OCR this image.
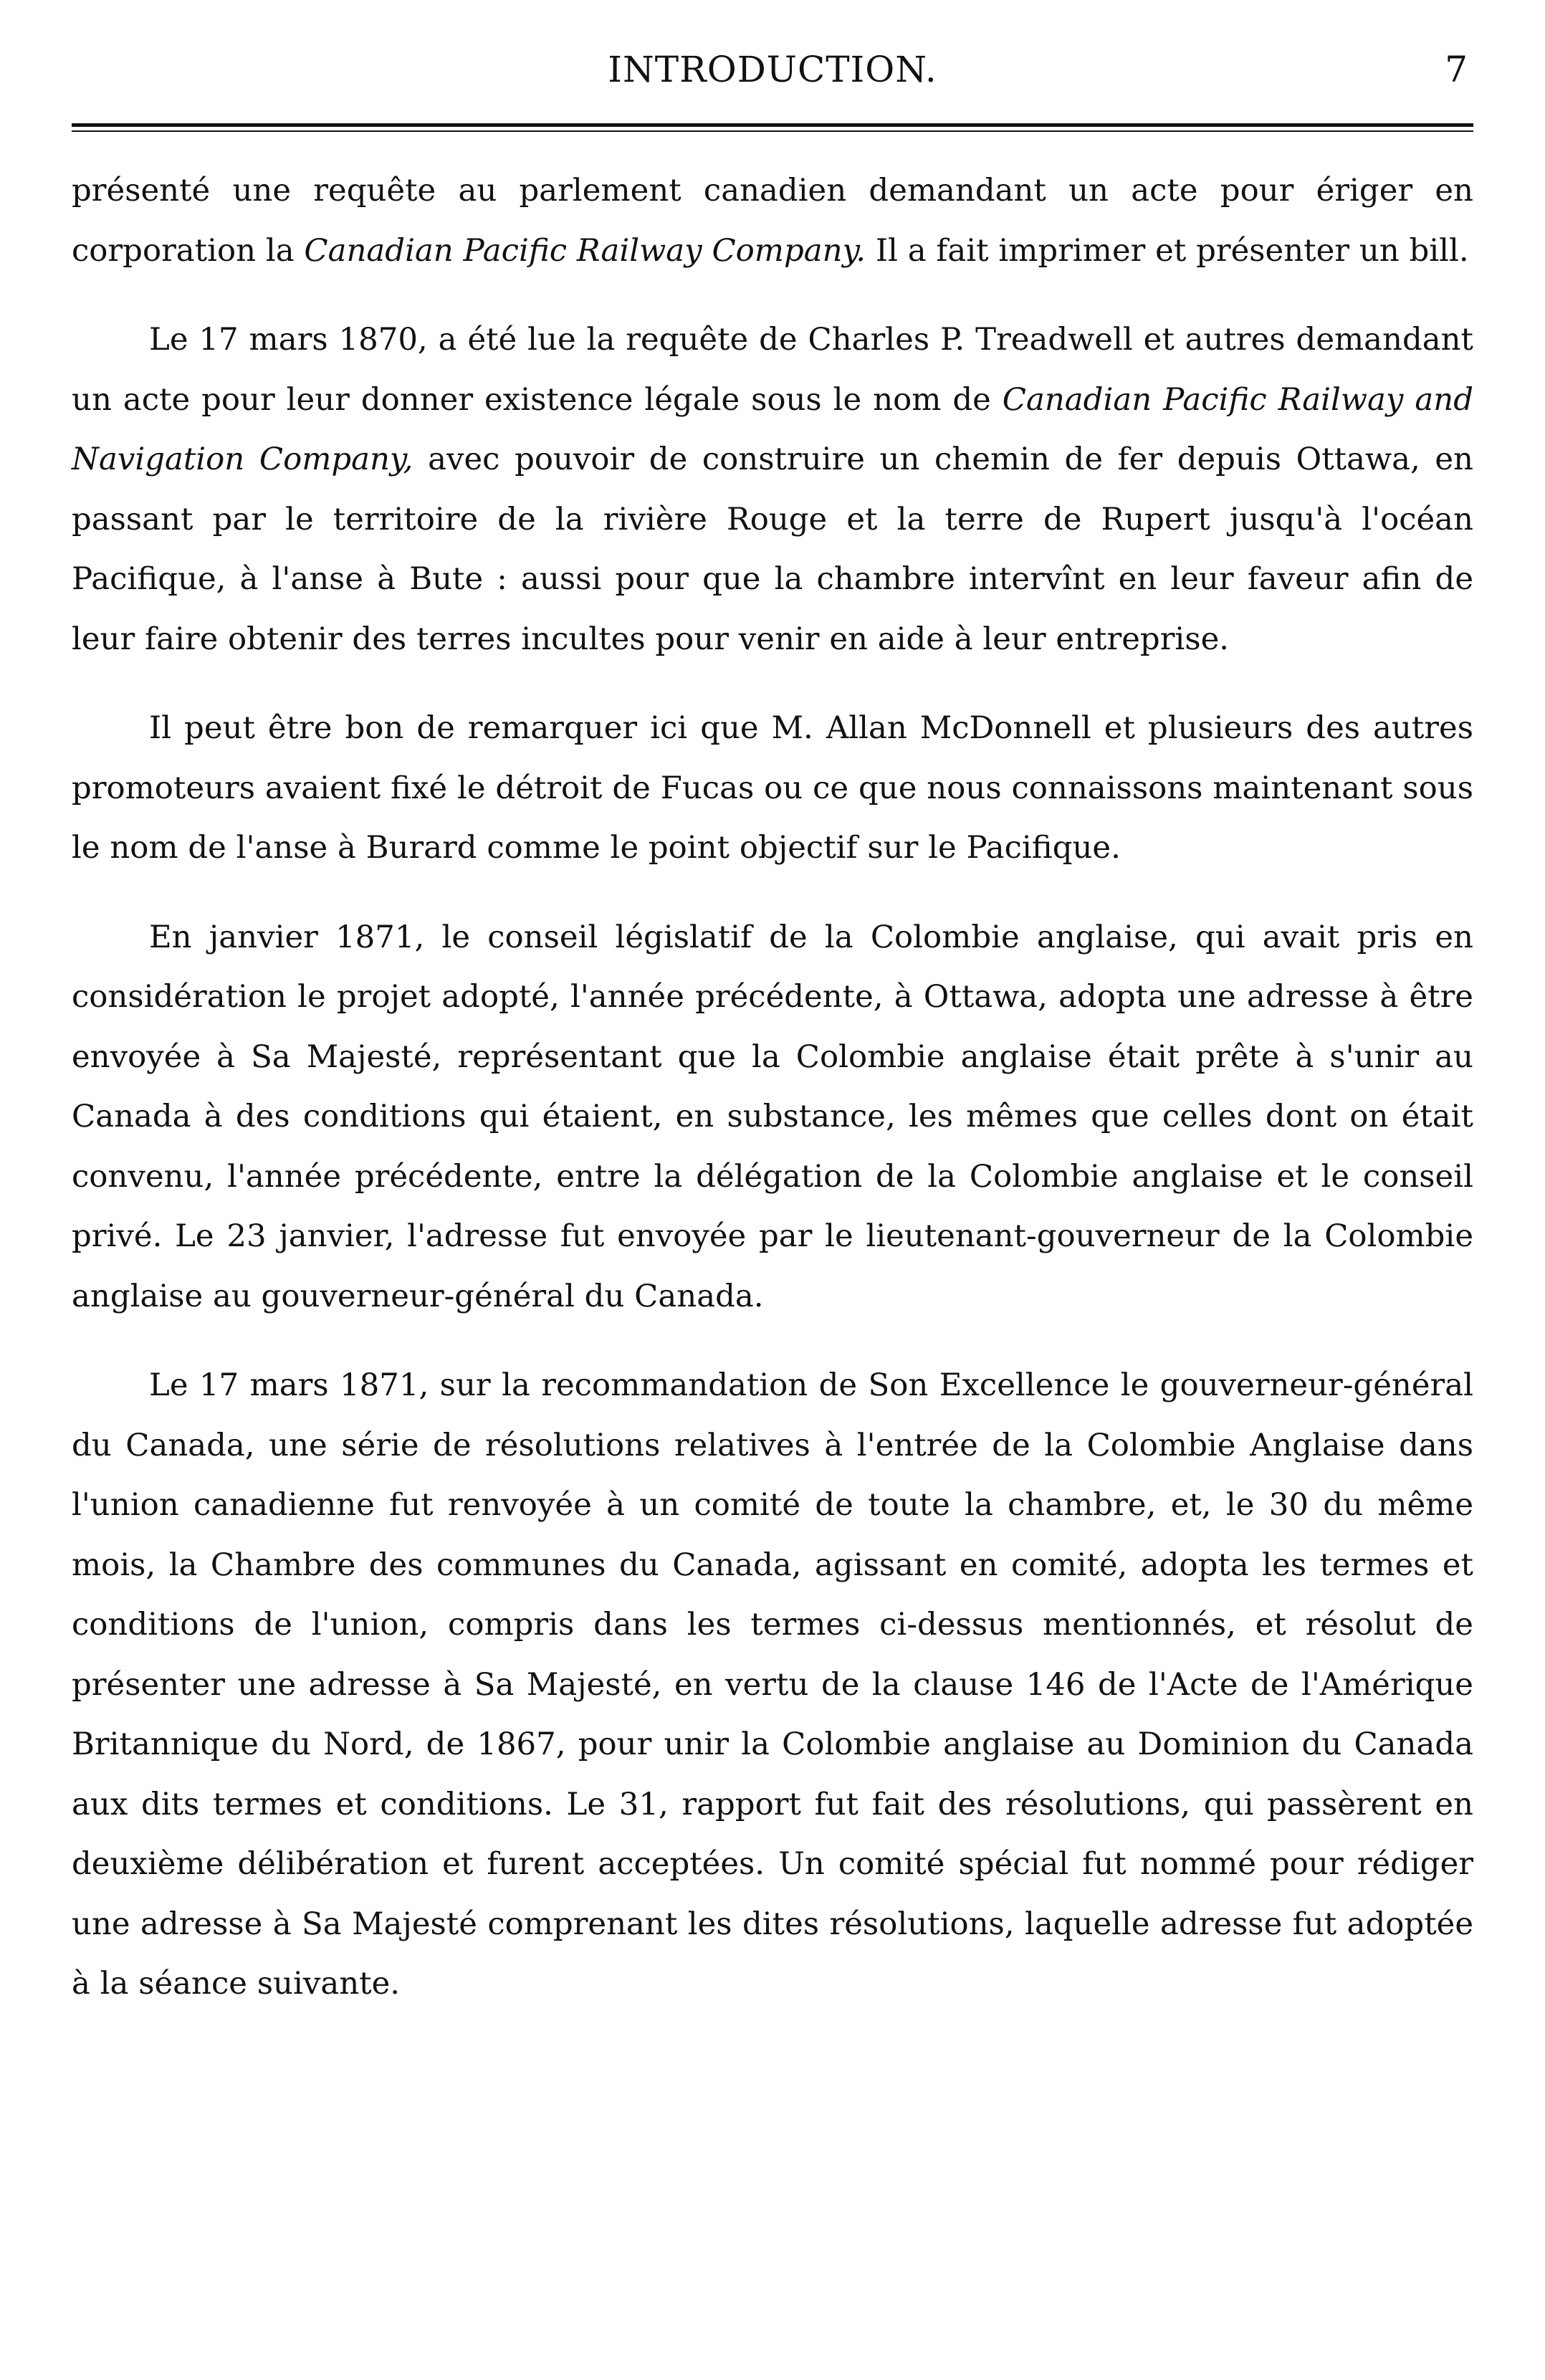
INTRODUCTION.	7

présenté une requête au parlement canadien demandant un acte pour ériger en corporation la Canadian Pacific Railway Company. Il a fait imprimer et présenter un bill.

Le 17 mars 1870, a été lue la requête de Charles P. Treadwell et autres demandant un acte pour leur donner existence légale sous le nom de Canadian Pacific Railway and Navigation Company, avec pouvoir de construire un chemin de fer depuis Ottawa, en passant par le territoire de la rivière Rouge et la terre de Rupert jusqu'à l'océan Pacifique, à l'anse à Bute : aussi pour que la chambre intervînt en leur faveur afin de leur faire obtenir des terres incultes pour venir en aide à leur entreprise.

Il peut être bon de remarquer ici que M. Allan McDonnell et plusieurs des autres promoteurs avaient fixé le détroit de Fucas ou ce que nous connaissons maintenant sous le nom de l'anse à Burard comme le point objectif sur le Pacifique.

En janvier 1871, le conseil législatif de la Colombie anglaise, qui avait pris en considération le projet adopté, l'année précédente, à Ottawa, adopta une adresse à être envoyée à Sa Majesté, représentant que la Colombie anglaise était prête à s'unir au Canada à des conditions qui étaient, en substance, les mêmes que celles dont on était convenu, l'année précédente, entre la délégation de la Colombie anglaise et le conseil privé. Le 23 janvier, l'adresse fut envoyée par le lieutenant-gouverneur de la Colombie anglaise au gouverneur-général du Canada.

Le 17 mars 1871, sur la recommandation de Son Excellence le gouverneur-général du Canada, une série de résolutions relatives à l'entrée de la Colombie Anglaise dans l'union canadienne fut renvoyée à un comité de toute la chambre, et, le 30 du même mois, la Chambre des communes du Canada, agissant en comité, adopta les termes et conditions de l'union, compris dans les termes ci-dessus mentionnés, et résolut de présenter une adresse à Sa Majesté, en vertu de la clause 146 de l'Acte de l'Amérique Britannique du Nord, de 1867, pour unir la Colombie anglaise au Dominion du Canada aux dits termes et conditions. Le 31, rapport fut fait des résolutions, qui passèrent en deuxième délibération et furent acceptées. Un comité spécial fut nommé pour rédiger une adresse à Sa Majesté comprenant les dites résolutions, laquelle adresse fut adoptée à la séance suivante.
